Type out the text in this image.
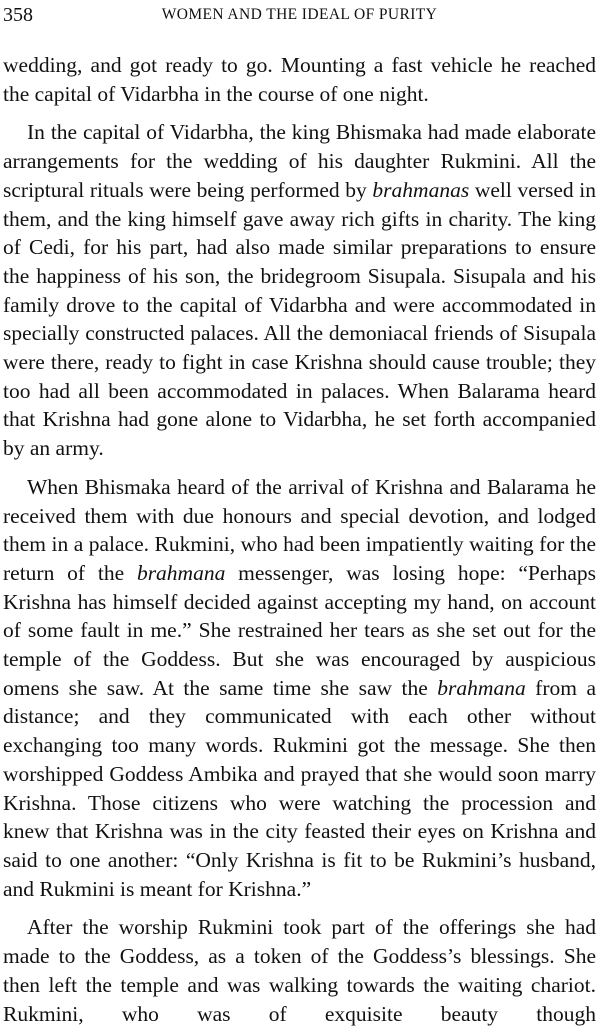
358	WOMEN AND THE IDEAL OF PURITY

wedding, and got ready to go. Mounting a fast vehicle he reached the capital of Vidarbha in the course of one night.

In the capital of Vidarbha, the king Bhismaka had made elaborate arrangements for the wedding of his daughter Rukmini. All the scriptural rituals were being performed by brahmanas well versed in them, and the king himself gave away rich gifts in charity. The king of Cedi, for his part, had also made similar preparations to ensure the happiness of his son, the bridegroom Sisupala. Sisupala and his family drove to the capital of Vidarbha and were accommodated in specially constructed palaces. All the demoniacal friends of Sisupala were there, ready to fight in case Krishna should cause trouble; they too had all been accommodated in palaces. When Balarama heard that Krishna had gone alone to Vidarbha, he set forth accompanied by an army.

When Bhismaka heard of the arrival of Krishna and Balarama he received them with due honours and special devotion, and lodged them in a palace. Rukmini, who had been impatiently waiting for the return of the brahmana messenger, was losing hope: “Perhaps Krishna has himself decided against accepting my hand, on account of some fault in me.” She restrained her tears as she set out for the temple of the Goddess. But she was encouraged by auspicious omens she saw. At the same time she saw the brahmana from a distance; and they communicated with each other without exchanging too many words. Rukmini got the message. She then worshipped Goddess Ambika and prayed that she would soon marry Krishna. Those citizens who were watching the procession and knew that Krishna was in the city feasted their eyes on Krishna and said to one another: “Only Krishna is fit to be Rukmini’s husband, and Rukmini is meant for Krishna.”

After the worship Rukmini took part of the offerings she had made to the Goddess, as a token of the Goddess’s blessings. She then left the temple and was walking towards the waiting chariot. Rukmini, who was of exquisite beauty though
